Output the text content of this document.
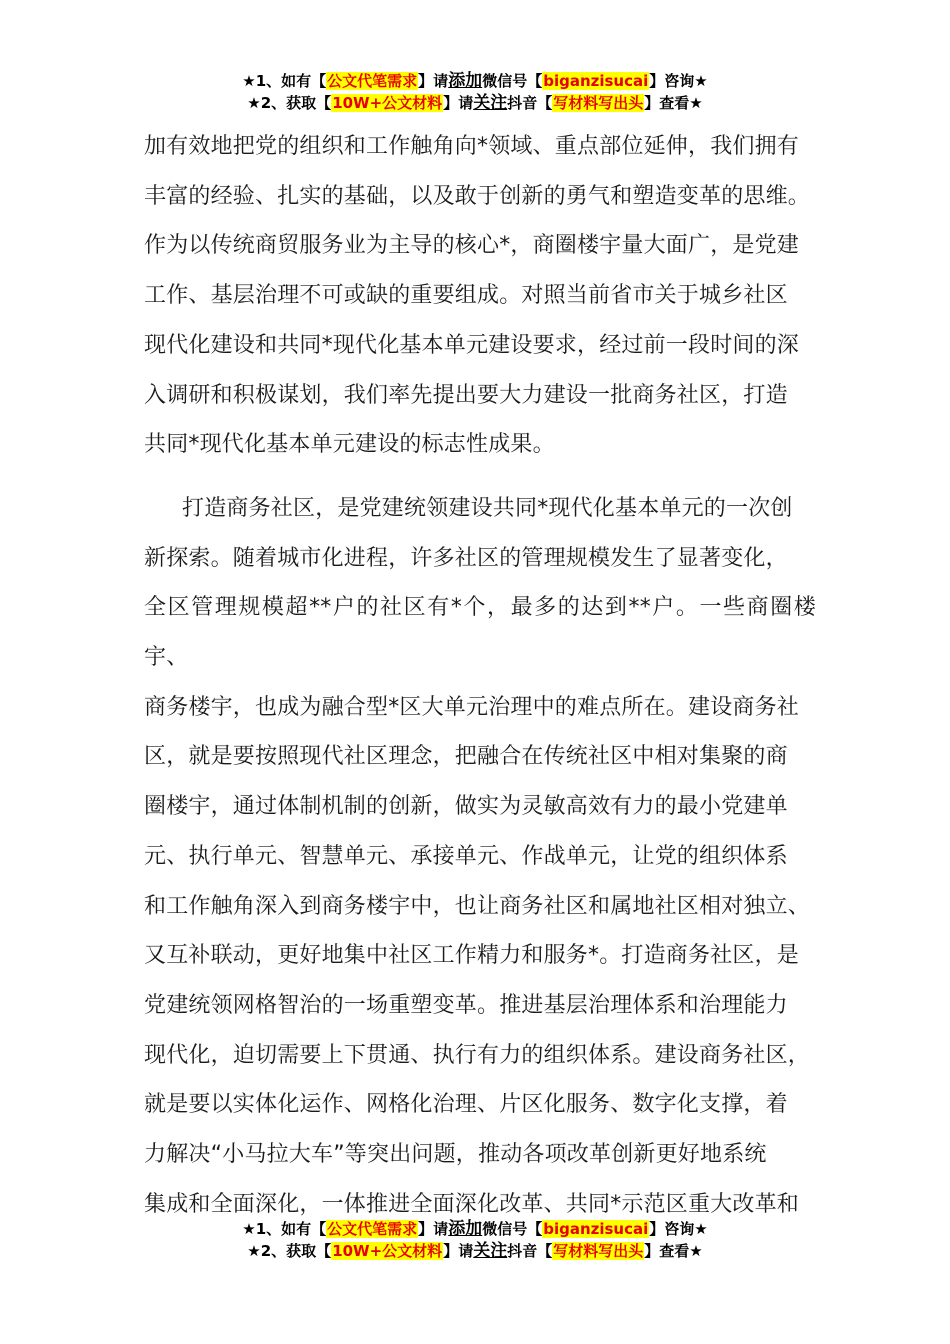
★1、如有【公文代笔需求】请添加微信号【biganzisucai】咨询★
★2、获取【10W+公文材料】请关注抖音【写材料写出头】查看★

加有效地把党的组织和工作触角向*领域、重点部位延伸，我们拥有

丰富的经验、扎实的基础，以及敢于创新的勇气和塑造变革的思维。

作为以传统商贸服务业为主导的核心*，商圈楼宇量大面广，是党建

工作、基层治理不可或缺的重要组成。对照当前省市关于城乡社区

现代化建设和共同*现代化基本单元建设要求，经过前一段时间的深

入调研和积极谋划，我们率先提出要大力建设一批商务社区，打造

共同*现代化基本单元建设的标志性成果。

打造商务社区，是党建统领建设共同*现代化基本单元的一次创

新探索。随着城市化进程，许多社区的管理规模发生了显著变化，

全区管理规模超**户的社区有*个，最多的达到**户。一些商圈楼宇、

商务楼宇，也成为融合型*区大单元治理中的难点所在。建设商务社

区，就是要按照现代社区理念，把融合在传统社区中相对集聚的商

圈楼宇，通过体制机制的创新，做实为灵敏高效有力的最小党建单

元、执行单元、智慧单元、承接单元、作战单元，让党的组织体系

和工作触角深入到商务楼宇中，也让商务社区和属地社区相对独立、

又互补联动，更好地集中社区工作精力和服务*。打造商务社区，是

党建统领网格智治的一场重塑变革。推进基层治理体系和治理能力

现代化，迫切需要上下贯通、执行有力的组织体系。建设商务社区，

就是要以实体化运作、网格化治理、片区化服务、数字化支撑，着

力解决“小马拉大车”等突出问题，推动各项改革创新更好地系统

集成和全面深化，一体推进全面深化改革、共同*示范区重大改革和

★1、如有【公文代笔需求】请添加微信号【biganzisucai】咨询★
★2、获取【10W+公文材料】请关注抖音【写材料写出头】查看★
